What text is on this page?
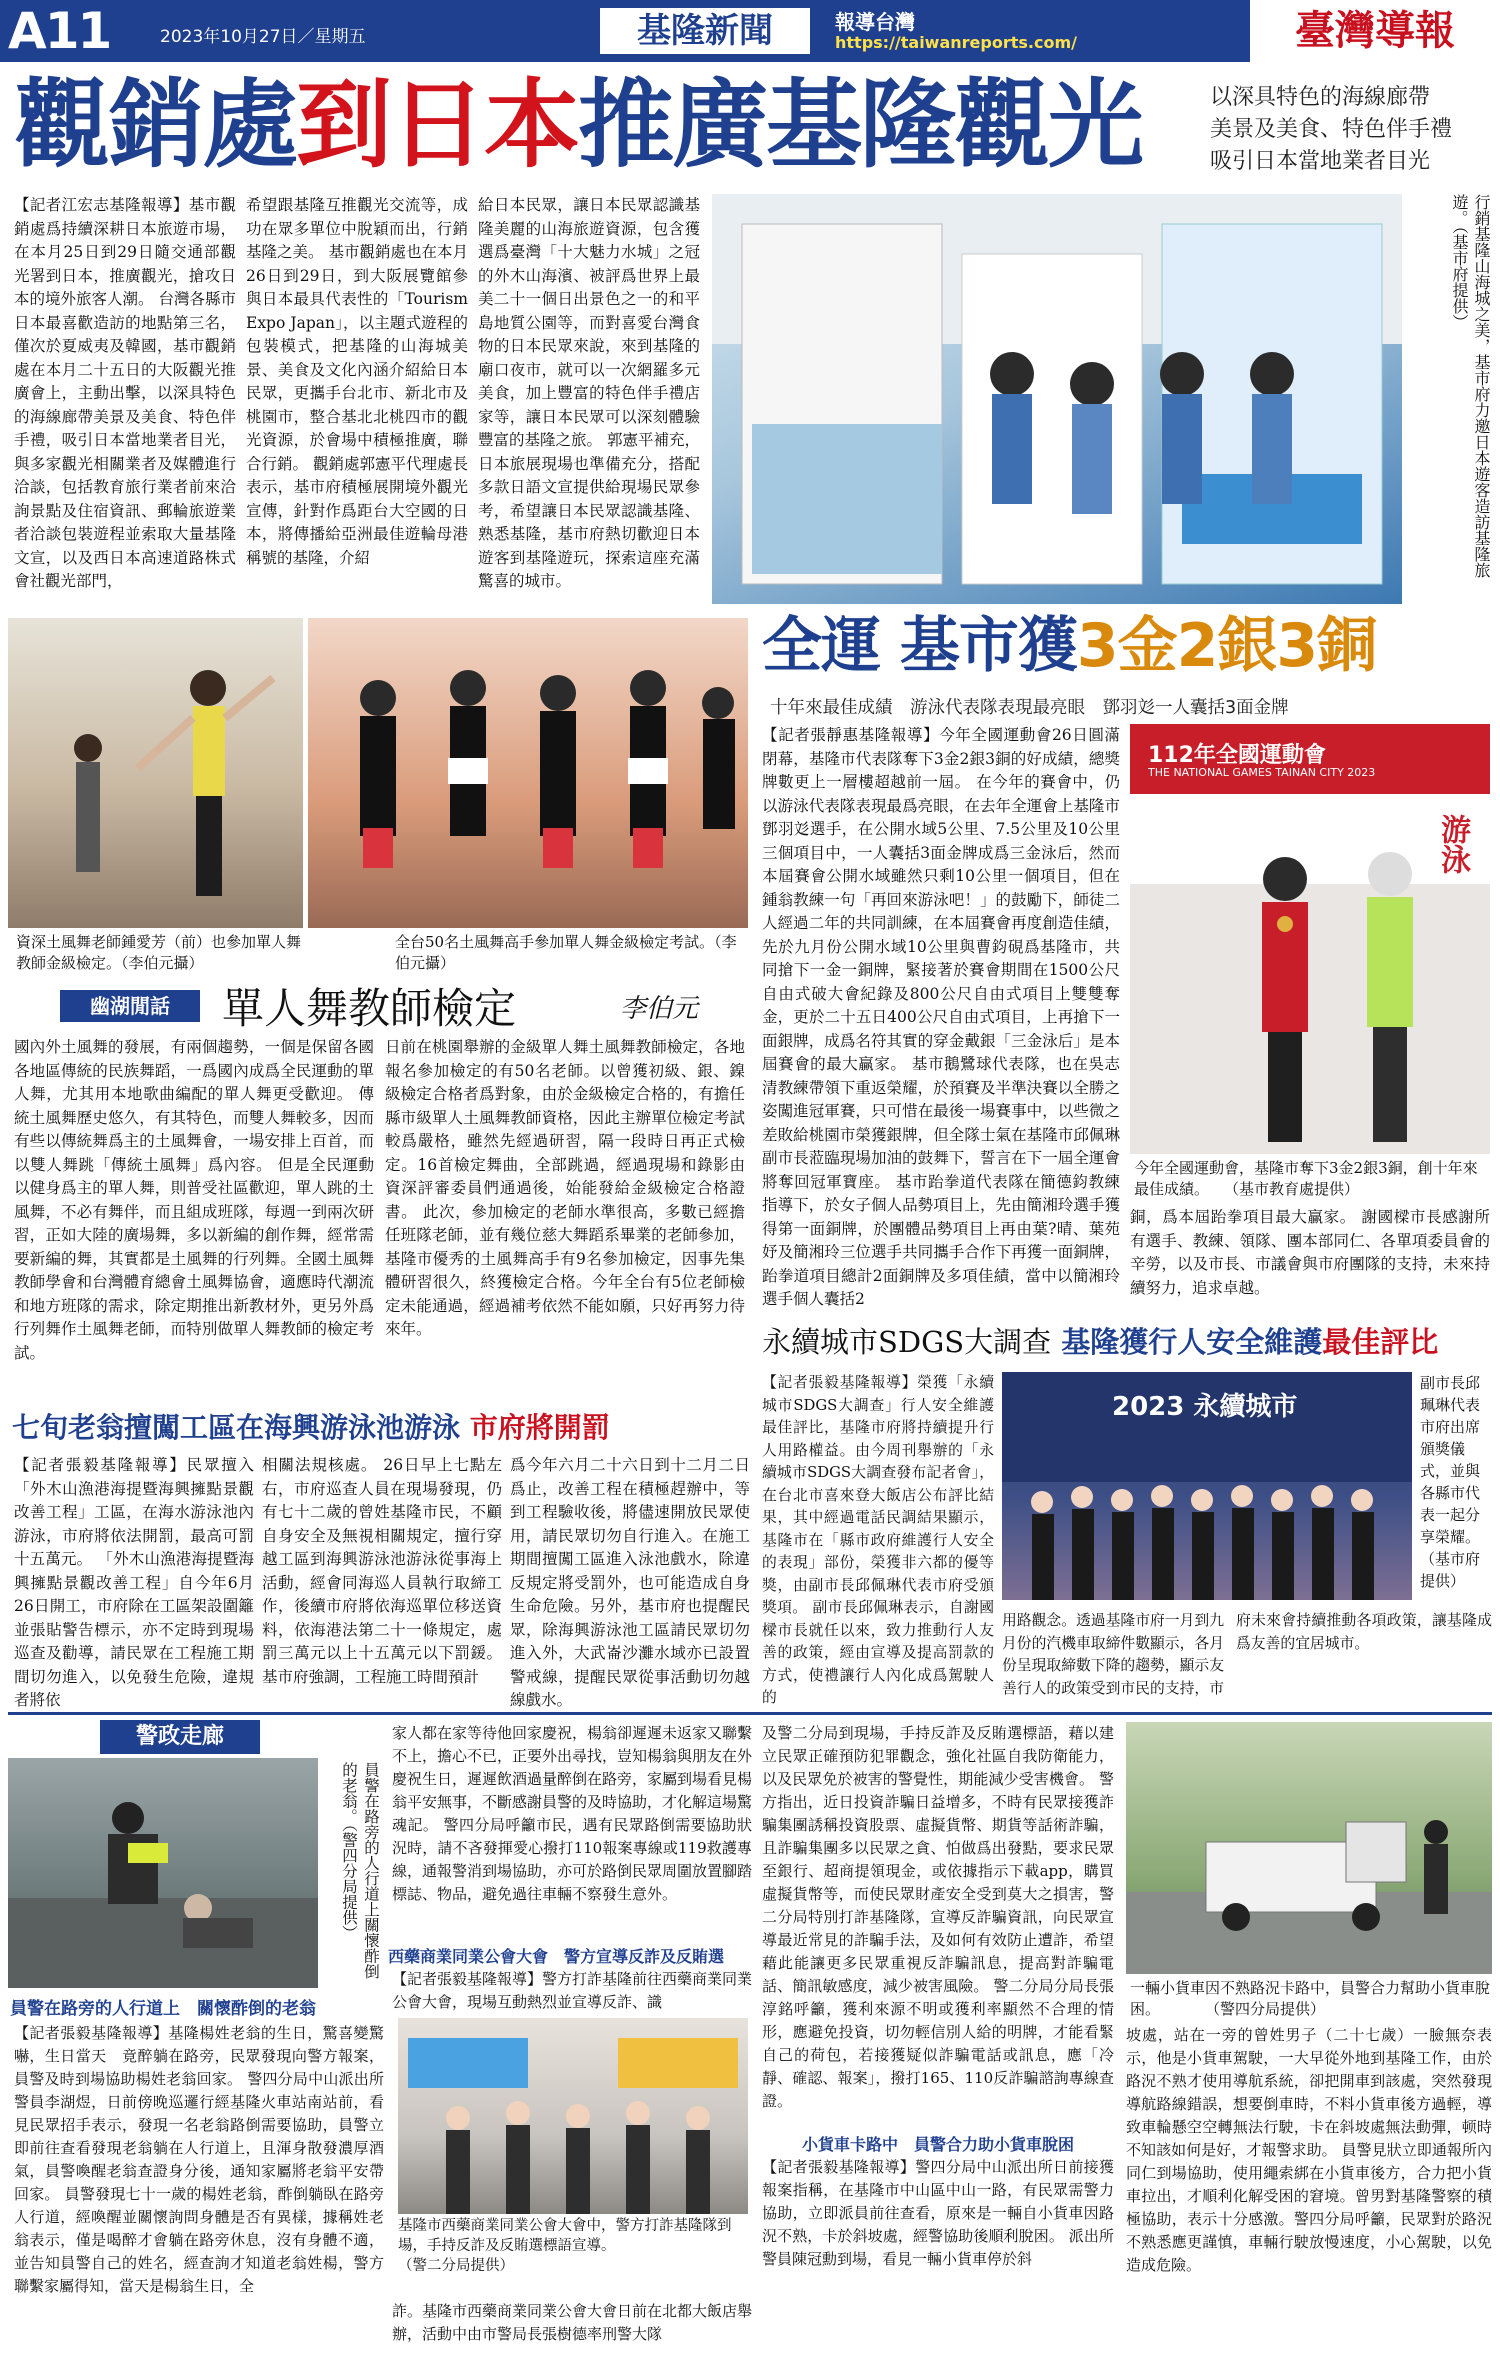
A11	2023年10月27日／星期五	基隆新聞	報導台灣
https://taiwanreports.com/	臺灣導報
觀銷處到日本推廣基隆觀光	以深具特色的海線廊帶
美景及美食、特色伴手禮
吸引日本當地業者目光
【記者江宏志基隆報導】基市觀銷處爲持續深耕日本旅遊市場，在本月25日到29日隨交通部觀光署到日本，推廣觀光，搶攻日本的境外旅客人潮。 台灣各縣市日本最喜歡造訪的地點第三名，僅次於夏威夷及韓國，基市觀銷處在本月二十五日的大阪觀光推廣會上，主動出擊，以深具特色的海線廊帶美景及美食、特色伴手禮，吸引日本當地業者目光，與多家觀光相關業者及媒體進行洽談，包括教育旅行業者前來洽詢景點及住宿資訊、郵輪旅遊業者洽談包裝遊程並索取大量基隆文宣，以及西日本高速道路株式會社觀光部門，
希望跟基隆互推觀光交流等，成功在眾多單位中脫穎而出，行銷基隆之美。 基市觀銷處也在本月26日到29日，到大阪展覽館參與日本最具代表性的「Tourism Expo Japan」，以主題式遊程的包裝模式，把基隆的山海城美景、美食及文化內涵介紹給日本民眾，更攜手台北市、新北市及桃園市，整合基北北桃四市的觀光資源，於會場中積極推廣，聯合行銷。 觀銷處郭憲平代理處長表示，基市府積極展開境外觀光宣傳，針對作爲距台大空國的日本，將傳播給亞洲最佳遊輪母港稱號的基隆，介紹
給日本民眾，讓日本民眾認識基隆美麗的山海旅遊資源，包含獲選爲臺灣「十大魅力水城」之冠的外木山海濱、被評爲世界上最美二十一個日出景色之一的和平島地質公園等，而對喜愛台灣食物的日本民眾來說，來到基隆的廟口夜市，就可以一次網羅多元美食，加上豐富的特色伴手禮店家等，讓日本民眾可以深刻體驗豐富的基隆之旅。 郭憲平補充，日本旅展現場也準備充分，搭配多款日語文宣提供給現場民眾參考，希望讓日本民眾認識基隆、熟悉基隆，基市府熱切歡迎日本遊客到基隆遊玩，探索這座充滿驚喜的城市。
行銷基隆山海城之美，基市府力邀日本遊客造訪基隆旅遊。（基市府提供）
資深土風舞老師鍾愛芳（前）也參加單人舞教師金級檢定。（李伯元攝）
全台50名土風舞高手參加單人舞金級檢定考試。（李伯元攝）
幽湖閒話	單人舞教師檢定	李伯元
國內外土風舞的發展，有兩個趨勢，一個是保留各國各地區傳統的民族舞蹈，一爲國內成爲全民運動的單人舞，尤其用本地歌曲編配的單人舞更受歡迎。 傳統土風舞歷史悠久，有其特色，而雙人舞較多，因而有些以傳統舞爲主的土風舞會，一場安排上百首，而以雙人舞跳「傳統土風舞」爲內容。 但是全民運動以健身爲主的單人舞，則普受社區歡迎，單人跳的土風舞，不必有舞伴，而且組成班隊，每週一到兩次研習，正如大陸的廣場舞，多以新編的創作舞，經常需要新編的舞，其實都是土風舞的行列舞。全國土風舞教師學會和台灣體育總會土風舞協會，適應時代潮流和地方班隊的需求，除定期推出新教材外，更另外爲行列舞作土風舞老師，而特別做單人舞教師的檢定考試。
日前在桃園舉辦的金級單人舞土風舞教師檢定，各地報名參加檢定的有50名老師。以曾獲初級、銀、鎳級檢定合格者爲對象，由於金級檢定合格的，有擔任縣市級單人土風舞教師資格，因此主辦單位檢定考試較爲嚴格，雖然先經過研習，隔一段時日再正式檢定。16首檢定舞曲，全部跳過，經過現場和錄影由資深評審委員們通過後，始能發給金級檢定合格證書。 此次，參加檢定的老師水準很高，多數已經擔任班隊老師，並有幾位慈大舞蹈系畢業的老師參加，基隆市優秀的土風舞高手有9名參加檢定，因事先集體研習很久，終獲檢定合格。今年全台有5位老師檢定未能通過，經過補考依然不能如願，只好再努力待來年。
全運 基市獲3金2銀3銅
十年來最佳成績　游泳代表隊表現最亮眼　鄧羽彣一人囊括3面金牌
【記者張靜惠基隆報導】今年全國運動會26日圓滿閉幕，基隆市代表隊奪下3金2銀3銅的好成績，總獎牌數更上一層樓超越前一屆。 在今年的賽會中，仍以游泳代表隊表現最爲亮眼，在去年全運會上基隆市鄧羽彣選手，在公開水域5公里、7.5公里及10公里三個項目中，一人囊括3面金牌成爲三金泳后，然而本屆賽會公開水域雖然只剩10公里一個項目，但在鍾翁教練一句「再回來游泳吧！」的鼓勵下，師徒二人經過二年的共同訓練，在本屆賽會再度創造佳績，先於九月份公開水域10公里與曹鈞硯爲基隆市，共同搶下一金一銅牌，緊接著於賽會期間在1500公尺自由式破大會紀錄及800公尺自由式項目上雙雙奪金，更於二十五日400公尺自由式項目，上再搶下一面銀牌，成爲名符其實的穿金戴銀「三金泳后」是本屆賽會的最大贏家。 基市鵝鷺球代表隊，也在吳志清教練帶領下重返榮耀，於預賽及半準決賽以全勝之姿闖進冠軍賽，只可惜在最後一場賽事中，以些微之差敗給桃園市榮獲銀牌，但全隊士氣在基隆市邱佩琳副市長蒞臨現場加油的鼓舞下，誓言在下一屆全運會將奪回冠軍寶座。 基市跆拳道代表隊在簡德鈞教練指導下，於女子個人品勢項目上，先由簡湘玲選手獲得第一面銅牌，於團體品勢項目上再由葉?晴、葉苑妤及簡湘玲三位選手共同攜手合作下再獲一面銅牌，跆拳道項目總計2面銅牌及多項佳績，當中以簡湘玲選手個人囊括2
112年全國運動會
THE NATIONAL GAMES TAINAN CITY 2023
游泳
今年全國運動會，基隆市奪下3金2銀3銅，創十年來最佳成績。　　（基市教育處提供）
銅，爲本屆跆拳項目最大贏家。 謝國樑市長感謝所有選手、教練、領隊、團本部同仁、各單項委員會的辛勞，以及市長、市議會與市府團隊的支持，未來持續努力，追求卓越。
永續城市SDGS大調查 基隆獲行人安全維護最佳評比
【記者張毅基隆報導】榮獲「永續城市SDGS大調查」行人安全維護最佳評比，基隆市府將持續提升行人用路權益。由今周刊舉辦的「永續城市SDGS大調查發布記者會」，在台北市喜來登大飯店公布評比結果，其中經過電話民調結果顯示，基隆市在「縣市政府維護行人安全的表現」部份，榮獲非六都的優等獎，由副市長邱佩琳代表市府受頒獎項。 副市長邱佩琳表示，自謝國樑市長就任以來，致力推動行人友善的政策，經由宣導及提高罰款的方式，使禮讓行人內化成爲駕駛人的
2023 永續城市
副市長邱珮琳代表市府出席頒獎儀式，並與各縣市代表一起分享榮耀。（基市府提供）
用路觀念。透過基隆市府一月到九月份的汽機車取締件數顯示，各月份呈現取締數下降的趨勢，顯示友善行人的政策受到市民的支持，市
府未來會持續推動各項政策，讓基隆成爲友善的宜居城市。
七旬老翁擅闖工區在海興游泳池游泳 市府將開罰
【記者張毅基隆報導】民眾擅入「外木山漁港海提暨海興擁點景觀改善工程」工區，在海水游泳池內游泳，市府將依法開罰，最高可罰十五萬元。 「外木山漁港海提暨海興擁點景觀改善工程」自今年6月26日開工，市府除在工區架設圍籬並張貼警告標示，亦不定時到現場巡查及勸導，請民眾在工程施工期間切勿進入，以免發生危險，違規者將依
相關法規核處。 26日早上七點左右，市府巡查人員在現場發現，仍有七十二歲的曾姓基隆市民，不顧自身安全及無視相關規定，擅行穿越工區到海興游泳池游泳從事海上活動，經會同海巡人員執行取締工作，後續市府將依海巡單位移送資料，依海港法第二十一條規定，處罰三萬元以上十五萬元以下罰鍰。 基市府強調，工程施工時間預計
爲今年六月二十六日到十二月二日爲止，改善工程在積極趕辦中，等到工程驗收後，將儘速開放民眾使用，請民眾切勿自行進入。在施工期間擅闖工區進入泳池戲水，除違反規定將受罰外，也可能造成自身生命危險。另外，基市府也提醒民眾，除海興游泳池工區請民眾切勿進入外，大武崙沙灘水域亦已設置警戒線，提醒民眾從事活動切勿越線戲水。
警政走廊
員警在路旁的人行道上關懷酢倒的老翁。（警四分局提供）
員警在路旁的人行道上　關懷酢倒的老翁
【記者張毅基隆報導】基隆楊姓老翁的生日，驚喜變驚嚇，生日當天　竟醉躺在路旁，民眾發現向警方報案，員警及時到場協助楊姓老翁回家。 警四分局中山派出所警員李湖煜，日前傍晚巡邏行經基隆火車站南站前，看見民眾招手表示，發現一名老翁路倒需要協助，員警立即前往查看發現老翁躺在人行道上，且渾身散發濃厚酒氣，員警喚醒老翁查證身分後，通知家屬將老翁平安帶回家。 員警發現七十一歲的楊姓老翁，酢倒躺臥在路旁人行道，經喚醒並關懷詢問身體是否有異樣，據稱姓老翁表示，僅是喝醉才會躺在路旁休息，沒有身體不適，並告知員警自己的姓名，經查詢才知道老翁姓楊，警方聯繫家屬得知，當天是楊翁生日，全
家人都在家等待他回家慶祝，楊翁卻遲遲未返家又聯繫不上，擔心不已，正要外出尋找，豈知楊翁與朋友在外慶祝生日，遲遲飲酒過量醉倒在路旁，家屬到場看見楊翁平安無事，不斷感謝員警的及時協助，才化解這場驚魂記。 警四分局呼籲市民，遇有民眾路倒需要協助狀況時，請不吝發揮愛心撥打110報案專線或119救護專線，通報警消到場協助，亦可於路倒民眾周圍放置腳踏標誌、物品，避免過往車輛不察發生意外。
西藥商業同業公會大會　警方宣導反詐及反賄選
【記者張毅基隆報導】警方打詐基隆前往西藥商業同業公會大會，現場互動熱烈並宣導反詐、識
基隆市西藥商業同業公會大會中，警方打詐基隆隊到場，手持反詐及反賄選標語宣導。　　　　　　　　　　（警二分局提供）
詐。基隆市西藥商業同業公會大會日前在北都大飯店舉辦，活動中由市警局長張樹德率刑警大隊
及警二分局到現場，手持反詐及反賄選標語，藉以建立民眾正確預防犯罪觀念，強化社區自我防衛能力，以及民眾免於被害的警覺性，期能減少受害機會。 警方指出，近日投資詐騙日益增多，不時有民眾接獲詐騙集團誘稱投資股票、虛擬貨幣、期貨等話術詐騙，且詐騙集團多以民眾之貪、怕做爲出發點，要求民眾至銀行、超商提領現金，或依據指示下載app，購買虛擬貨幣等，而使民眾財產安全受到莫大之損害，警二分局特別打詐基隆隊，宣導反詐騙資訊，向民眾宣導最近常見的詐騙手法，及如何有效防止遭詐，希望藉此能讓更多民眾重視反詐騙訊息，提高對詐騙電話、簡訊敏感度，減少被害風險。 警二分局分局長張淳銘呼籲，獲利來源不明或獲利率顯然不合理的情形，應避免投資，切勿輕信別人給的明牌，才能看緊自己的荷包，若接獲疑似詐騙電話或訊息，應「冷靜、確認、報案」，撥打165、110反詐騙諮詢專線查證。
小貨車卡路中　員警合力助小貨車脫困
【記者張毅基隆報導】警四分局中山派出所日前接獲報案指稱，在基隆市中山區中山一路，有民眾需警力協助，立即派員前往查看，原來是一輛自小貨車因路況不熟，卡於斜坡處，經警協助後順利脫困。 派出所警員陳冠勳到場，看見一輛小貨車停於斜
一輛小貨車因不熟路況卡路中，員警合力幫助小貨車脫困。　　　　（警四分局提供）
坡處，站在一旁的曾姓男子（二十七歲）一臉無奈表示，他是小貨車駕駛，一大早從外地到基隆工作，由於路況不熟才使用導航系統，卻把開車到該處，突然發現導航路線錯誤，想要倒車時，不料小貨車後方過輕，導致車輪懸空空轉無法行駛，卡在斜坡處無法動彈，顿時不知該如何是好，才報警求助。 員警見狀立即通報所內同仁到場協助，使用繩索綁在小貨車後方，合力把小貨車拉出，才順利化解受困的窘境。曾男對基隆警察的積極協助，表示十分感激。警四分局呼籲，民眾對於路況不熟悉應更謹慎，車輛行駛放慢速度，小心駕駛，以免造成危險。
